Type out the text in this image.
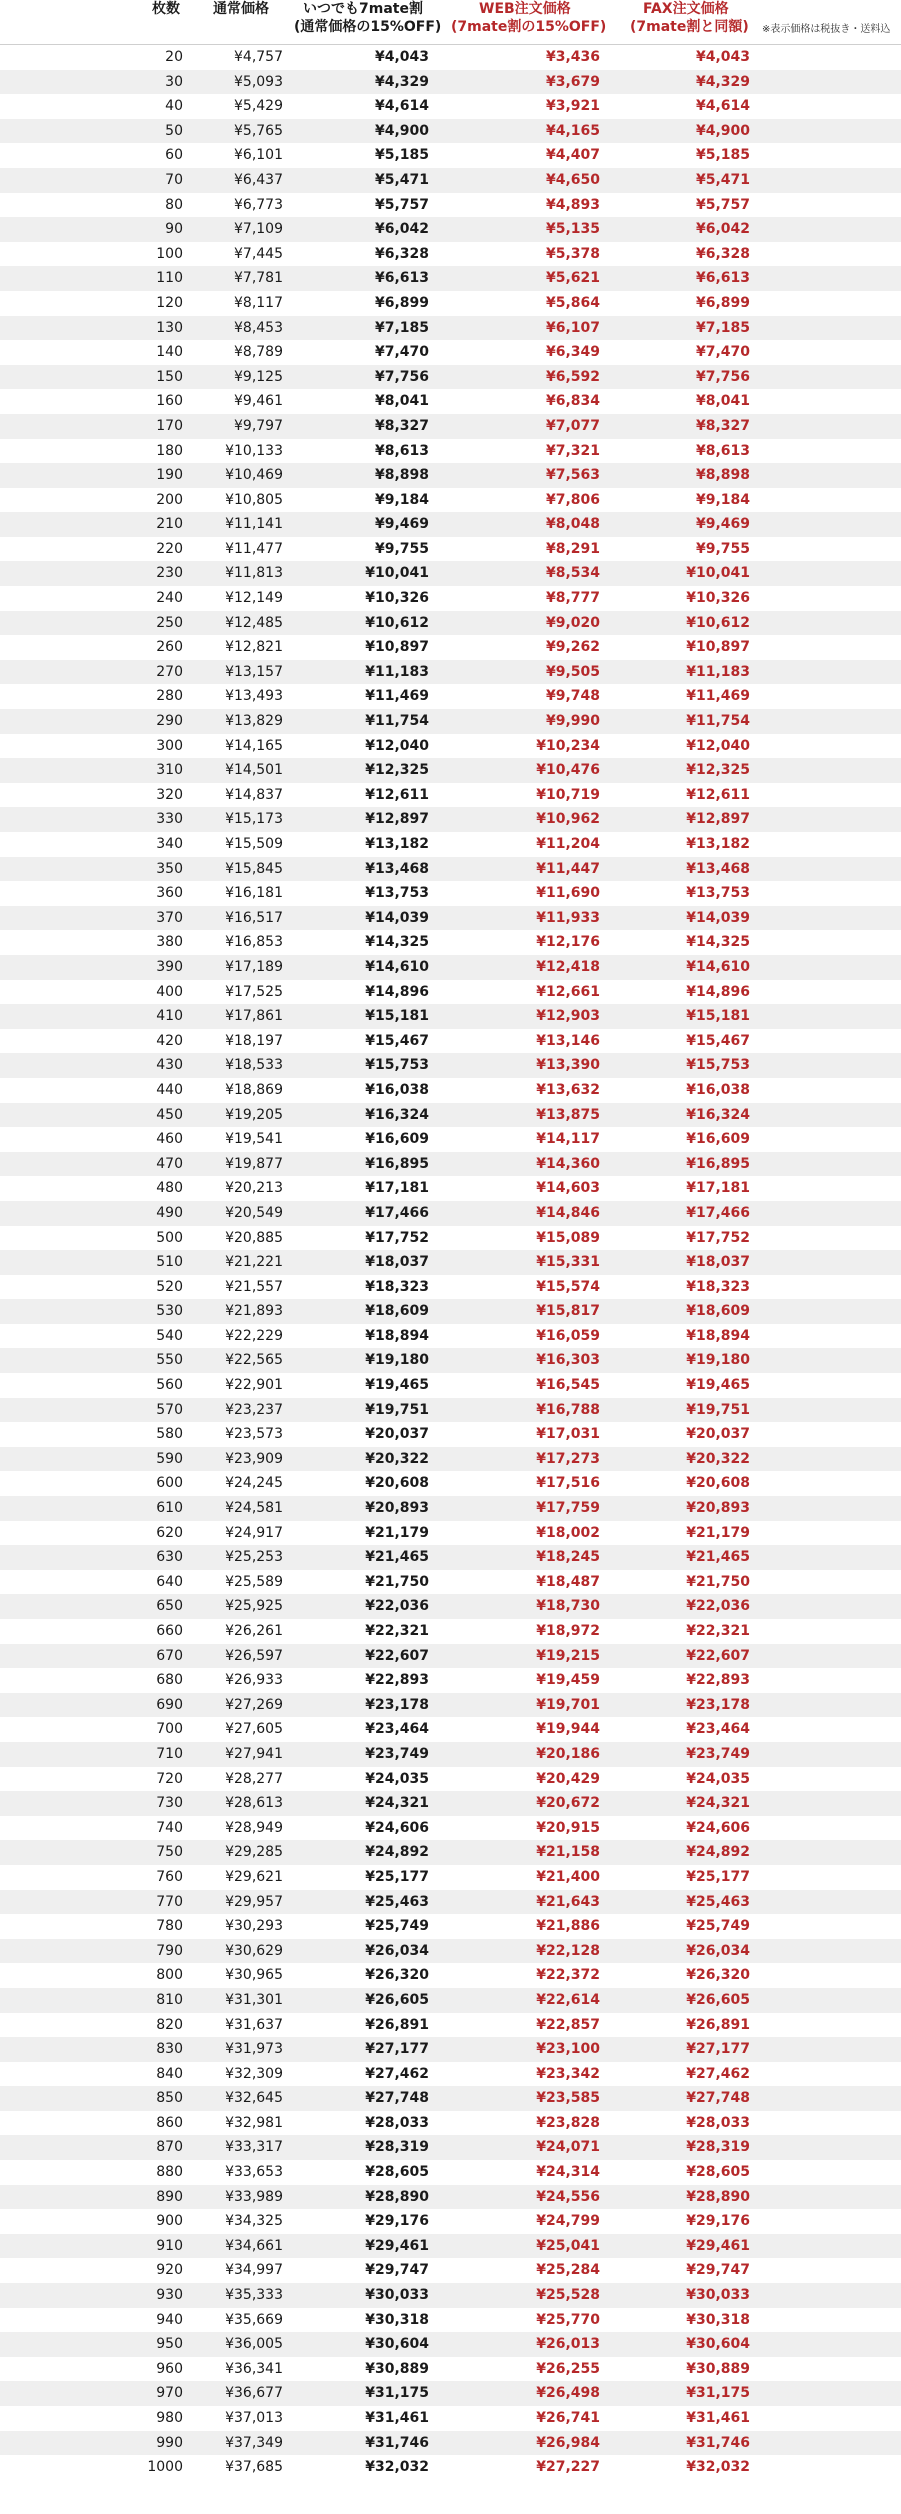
枚数 通常価格 いつでも7mate割
(通常価格の15%OFF)
WEB注文価格
(7mate割の15%OFF)
FAX注文価格
(7mate割と同額) ※表示価格は税抜き・送料込
20	¥4,757	¥4,043	¥3,436	¥4,043
30	¥5,093	¥4,329	¥3,679	¥4,329
40	¥5,429	¥4,614	¥3,921	¥4,614
50	¥5,765	¥4,900	¥4,165	¥4,900
60	¥6,101	¥5,185	¥4,407	¥5,185
70	¥6,437	¥5,471	¥4,650	¥5,471
80	¥6,773	¥5,757	¥4,893	¥5,757
90	¥7,109	¥6,042	¥5,135	¥6,042
100	¥7,445	¥6,328	¥5,378	¥6,328
110	¥7,781	¥6,613	¥5,621	¥6,613
120	¥8,117	¥6,899	¥5,864	¥6,899
130	¥8,453	¥7,185	¥6,107	¥7,185
140	¥8,789	¥7,470	¥6,349	¥7,470
150	¥9,125	¥7,756	¥6,592	¥7,756
160	¥9,461	¥8,041	¥6,834	¥8,041
170	¥9,797	¥8,327	¥7,077	¥8,327
180	¥10,133	¥8,613	¥7,321	¥8,613
190	¥10,469	¥8,898	¥7,563	¥8,898
200	¥10,805	¥9,184	¥7,806	¥9,184
210	¥11,141	¥9,469	¥8,048	¥9,469
220	¥11,477	¥9,755	¥8,291	¥9,755
230	¥11,813	¥10,041	¥8,534	¥10,041
240	¥12,149	¥10,326	¥8,777	¥10,326
250	¥12,485	¥10,612	¥9,020	¥10,612
260	¥12,821	¥10,897	¥9,262	¥10,897
270	¥13,157	¥11,183	¥9,505	¥11,183
280	¥13,493	¥11,469	¥9,748	¥11,469
290	¥13,829	¥11,754	¥9,990	¥11,754
300	¥14,165	¥12,040	¥10,234	¥12,040
310	¥14,501	¥12,325	¥10,476	¥12,325
320	¥14,837	¥12,611	¥10,719	¥12,611
330	¥15,173	¥12,897	¥10,962	¥12,897
340	¥15,509	¥13,182	¥11,204	¥13,182
350	¥15,845	¥13,468	¥11,447	¥13,468
360	¥16,181	¥13,753	¥11,690	¥13,753
370	¥16,517	¥14,039	¥11,933	¥14,039
380	¥16,853	¥14,325	¥12,176	¥14,325
390	¥17,189	¥14,610	¥12,418	¥14,610
400	¥17,525	¥14,896	¥12,661	¥14,896
410	¥17,861	¥15,181	¥12,903	¥15,181
420	¥18,197	¥15,467	¥13,146	¥15,467
430	¥18,533	¥15,753	¥13,390	¥15,753
440	¥18,869	¥16,038	¥13,632	¥16,038
450	¥19,205	¥16,324	¥13,875	¥16,324
460	¥19,541	¥16,609	¥14,117	¥16,609
470	¥19,877	¥16,895	¥14,360	¥16,895
480	¥20,213	¥17,181	¥14,603	¥17,181
490	¥20,549	¥17,466	¥14,846	¥17,466
500	¥20,885	¥17,752	¥15,089	¥17,752
510	¥21,221	¥18,037	¥15,331	¥18,037
520	¥21,557	¥18,323	¥15,574	¥18,323
530	¥21,893	¥18,609	¥15,817	¥18,609
540	¥22,229	¥18,894	¥16,059	¥18,894
550	¥22,565	¥19,180	¥16,303	¥19,180
560	¥22,901	¥19,465	¥16,545	¥19,465
570	¥23,237	¥19,751	¥16,788	¥19,751
580	¥23,573	¥20,037	¥17,031	¥20,037
590	¥23,909	¥20,322	¥17,273	¥20,322
600	¥24,245	¥20,608	¥17,516	¥20,608
610	¥24,581	¥20,893	¥17,759	¥20,893
620	¥24,917	¥21,179	¥18,002	¥21,179
630	¥25,253	¥21,465	¥18,245	¥21,465
640	¥25,589	¥21,750	¥18,487	¥21,750
650	¥25,925	¥22,036	¥18,730	¥22,036
660	¥26,261	¥22,321	¥18,972	¥22,321
670	¥26,597	¥22,607	¥19,215	¥22,607
680	¥26,933	¥22,893	¥19,459	¥22,893
690	¥27,269	¥23,178	¥19,701	¥23,178
700	¥27,605	¥23,464	¥19,944	¥23,464
710	¥27,941	¥23,749	¥20,186	¥23,749
720	¥28,277	¥24,035	¥20,429	¥24,035
730	¥28,613	¥24,321	¥20,672	¥24,321
740	¥28,949	¥24,606	¥20,915	¥24,606
750	¥29,285	¥24,892	¥21,158	¥24,892
760	¥29,621	¥25,177	¥21,400	¥25,177
770	¥29,957	¥25,463	¥21,643	¥25,463
780	¥30,293	¥25,749	¥21,886	¥25,749
790	¥30,629	¥26,034	¥22,128	¥26,034
800	¥30,965	¥26,320	¥22,372	¥26,320
810	¥31,301	¥26,605	¥22,614	¥26,605
820	¥31,637	¥26,891	¥22,857	¥26,891
830	¥31,973	¥27,177	¥23,100	¥27,177
840	¥32,309	¥27,462	¥23,342	¥27,462
850	¥32,645	¥27,748	¥23,585	¥27,748
860	¥32,981	¥28,033	¥23,828	¥28,033
870	¥33,317	¥28,319	¥24,071	¥28,319
880	¥33,653	¥28,605	¥24,314	¥28,605
890	¥33,989	¥28,890	¥24,556	¥28,890
900	¥34,325	¥29,176	¥24,799	¥29,176
910	¥34,661	¥29,461	¥25,041	¥29,461
920	¥34,997	¥29,747	¥25,284	¥29,747
930	¥35,333	¥30,033	¥25,528	¥30,033
940	¥35,669	¥30,318	¥25,770	¥30,318
950	¥36,005	¥30,604	¥26,013	¥30,604
960	¥36,341	¥30,889	¥26,255	¥30,889
970	¥36,677	¥31,175	¥26,498	¥31,175
980	¥37,013	¥31,461	¥26,741	¥31,461
990	¥37,349	¥31,746	¥26,984	¥31,746
1000	¥37,685	¥32,032	¥27,227	¥32,032
